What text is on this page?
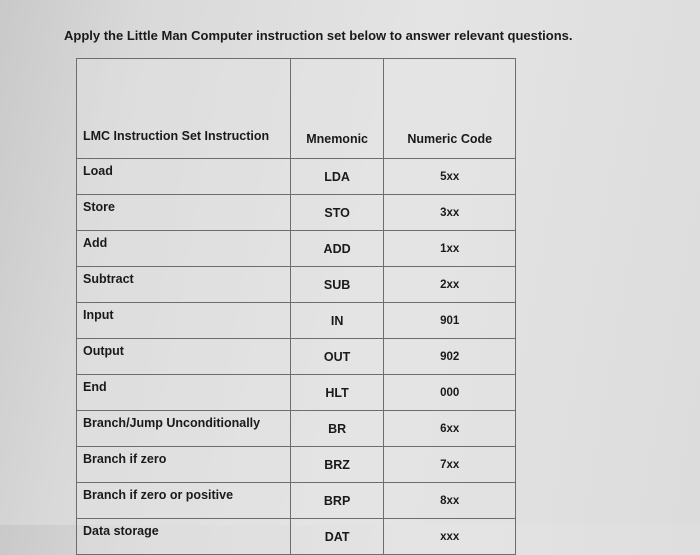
Apply the Little Man Computer instruction set below to answer relevant questions.
LMC Instruction Set Instruction	Mnemonic	Numeric Code
Load	LDA	5xx
Store	STO	3xx
Add	ADD	1xx
Subtract	SUB	2xx
Input	IN	901
Output	OUT	902
End	HLT	000
Branch/Jump Unconditionally	BR	6xx
Branch if zero	BRZ	7xx
Branch if zero or positive	BRP	8xx
Data storage	DAT	xxx
